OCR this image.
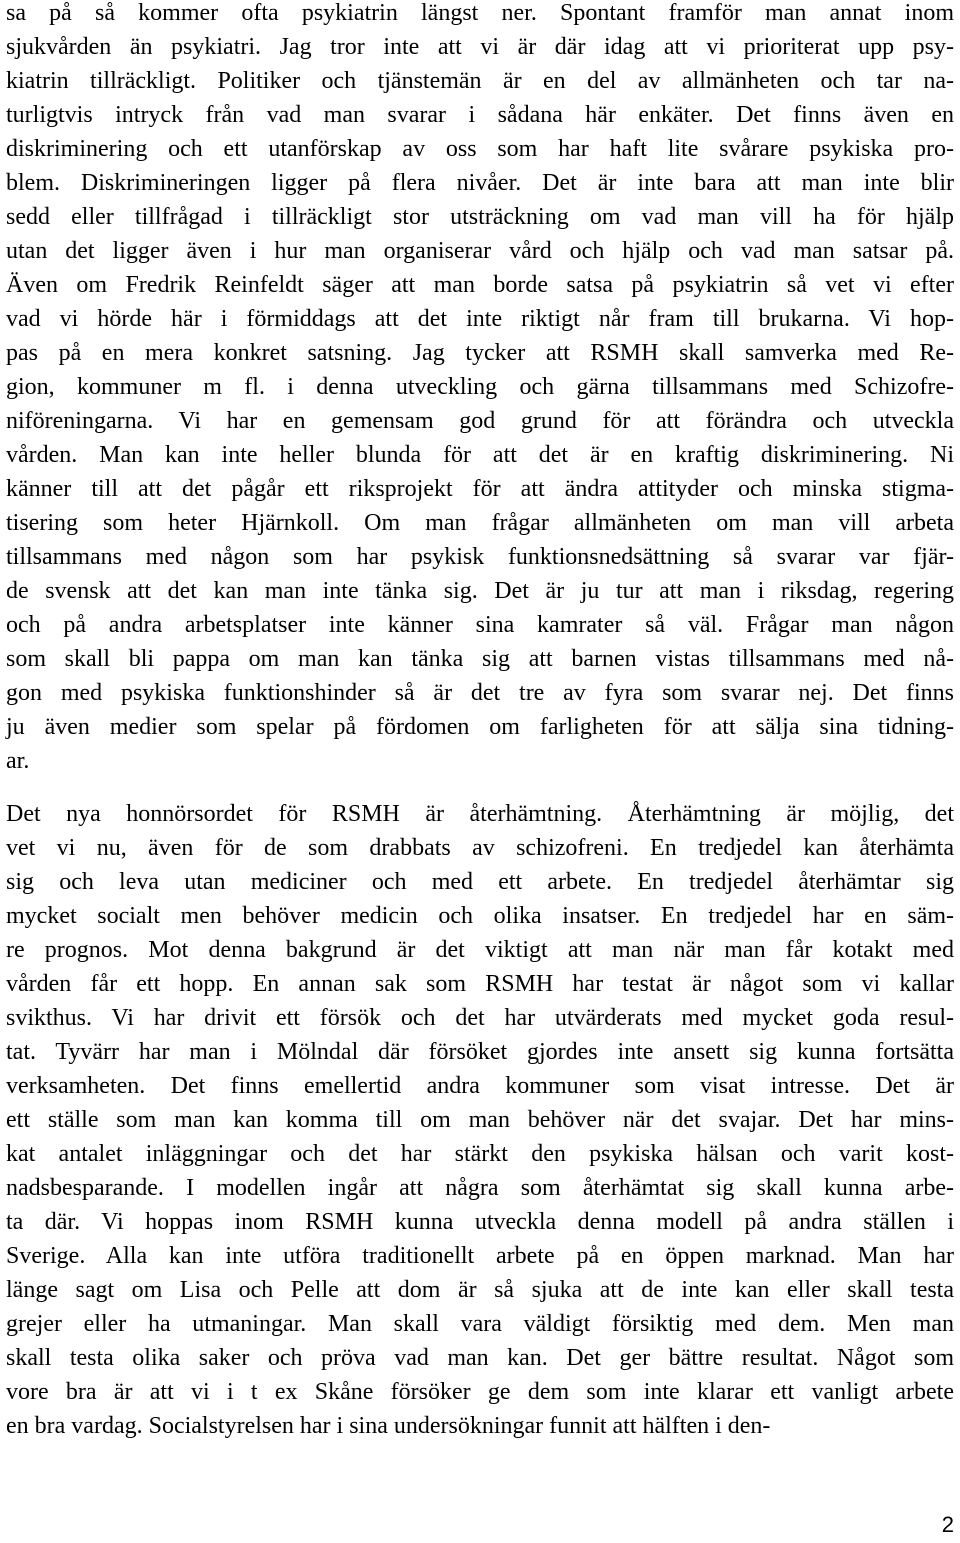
sa på så kommer ofta psykiatrin längst ner. Spontant framför man annat inom
sjukvården än psykiatri. Jag tror inte att vi är där idag att vi prioriterat upp psy-
kiatrin tillräckligt. Politiker och tjänstemän är en del av allmänheten och tar na-
turligtvis intryck från vad man svarar i sådana här enkäter. Det finns även en
diskriminering och ett utanförskap av oss som har haft lite svårare psykiska pro-
blem. Diskrimineringen ligger på flera nivåer. Det är inte bara att man inte blir
sedd eller tillfrågad i tillräckligt stor utsträckning om vad man vill ha för hjälp
utan det ligger även i hur man organiserar vård och hjälp och vad man satsar på.
Även om Fredrik Reinfeldt säger att man borde satsa på psykiatrin så vet vi efter
vad vi hörde här i förmiddags att det inte riktigt når fram till brukarna. Vi hop-
pas på en mera konkret satsning. Jag tycker att RSMH skall samverka med Re-
gion, kommuner m fl. i denna utveckling och gärna tillsammans med Schizofre-
niföreningarna. Vi har en gemensam god grund för att förändra och utveckla
vården. Man kan inte heller blunda för att det är en kraftig diskriminering. Ni
känner till att det pågår ett riksprojekt för att ändra attityder och minska stigma-
tisering som heter Hjärnkoll. Om man frågar allmänheten om man vill arbeta
tillsammans med någon som har psykisk funktionsnedsättning så svarar var fjär-
de svensk att det kan man inte tänka sig. Det är ju tur att man i riksdag, regering
och på andra arbetsplatser inte känner sina kamrater så väl. Frågar man någon
som skall bli pappa om man kan tänka sig att barnen vistas tillsammans med nå-
gon med psykiska funktionshinder så är det tre av fyra som svarar nej. Det finns
ju även medier som spelar på fördomen om farligheten för att sälja sina tidning-
ar.
Det nya honnörsordet för RSMH är återhämtning. Återhämtning är möjlig, det
vet vi nu, även för de som drabbats av schizofreni. En tredjedel kan återhämta
sig och leva utan mediciner och med ett arbete. En tredjedel återhämtar sig
mycket socialt men behöver medicin och olika insatser. En tredjedel har en säm-
re prognos. Mot denna bakgrund är det viktigt att man när man får kotakt med
vården får ett hopp. En annan sak som RSMH har testat är något som vi kallar
svikthus. Vi har drivit ett försök och det har utvärderats med mycket goda resul-
tat. Tyvärr har man i Mölndal där försöket gjordes inte ansett sig kunna fortsätta
verksamheten. Det finns emellertid andra kommuner som visat intresse. Det är
ett ställe som man kan komma till om man behöver när det svajar. Det har mins-
kat antalet inläggningar och det har stärkt den psykiska hälsan och varit kost-
nadsbesparande. I modellen ingår att några som återhämtat sig skall kunna arbe-
ta där. Vi hoppas inom RSMH kunna utveckla denna modell på andra ställen i
Sverige. Alla kan inte utföra traditionellt arbete på en öppen marknad. Man har
länge sagt om Lisa och Pelle att dom är så sjuka att de inte kan eller skall testa
grejer eller ha utmaningar. Man skall vara väldigt försiktig med dem. Men man
skall testa olika saker och pröva vad man kan. Det ger bättre resultat. Något som
vore bra är att vi i t ex Skåne försöker ge dem som inte klarar ett vanligt arbete
en bra vardag. Socialstyrelsen har i sina undersökningar funnit att hälften i den-
2
